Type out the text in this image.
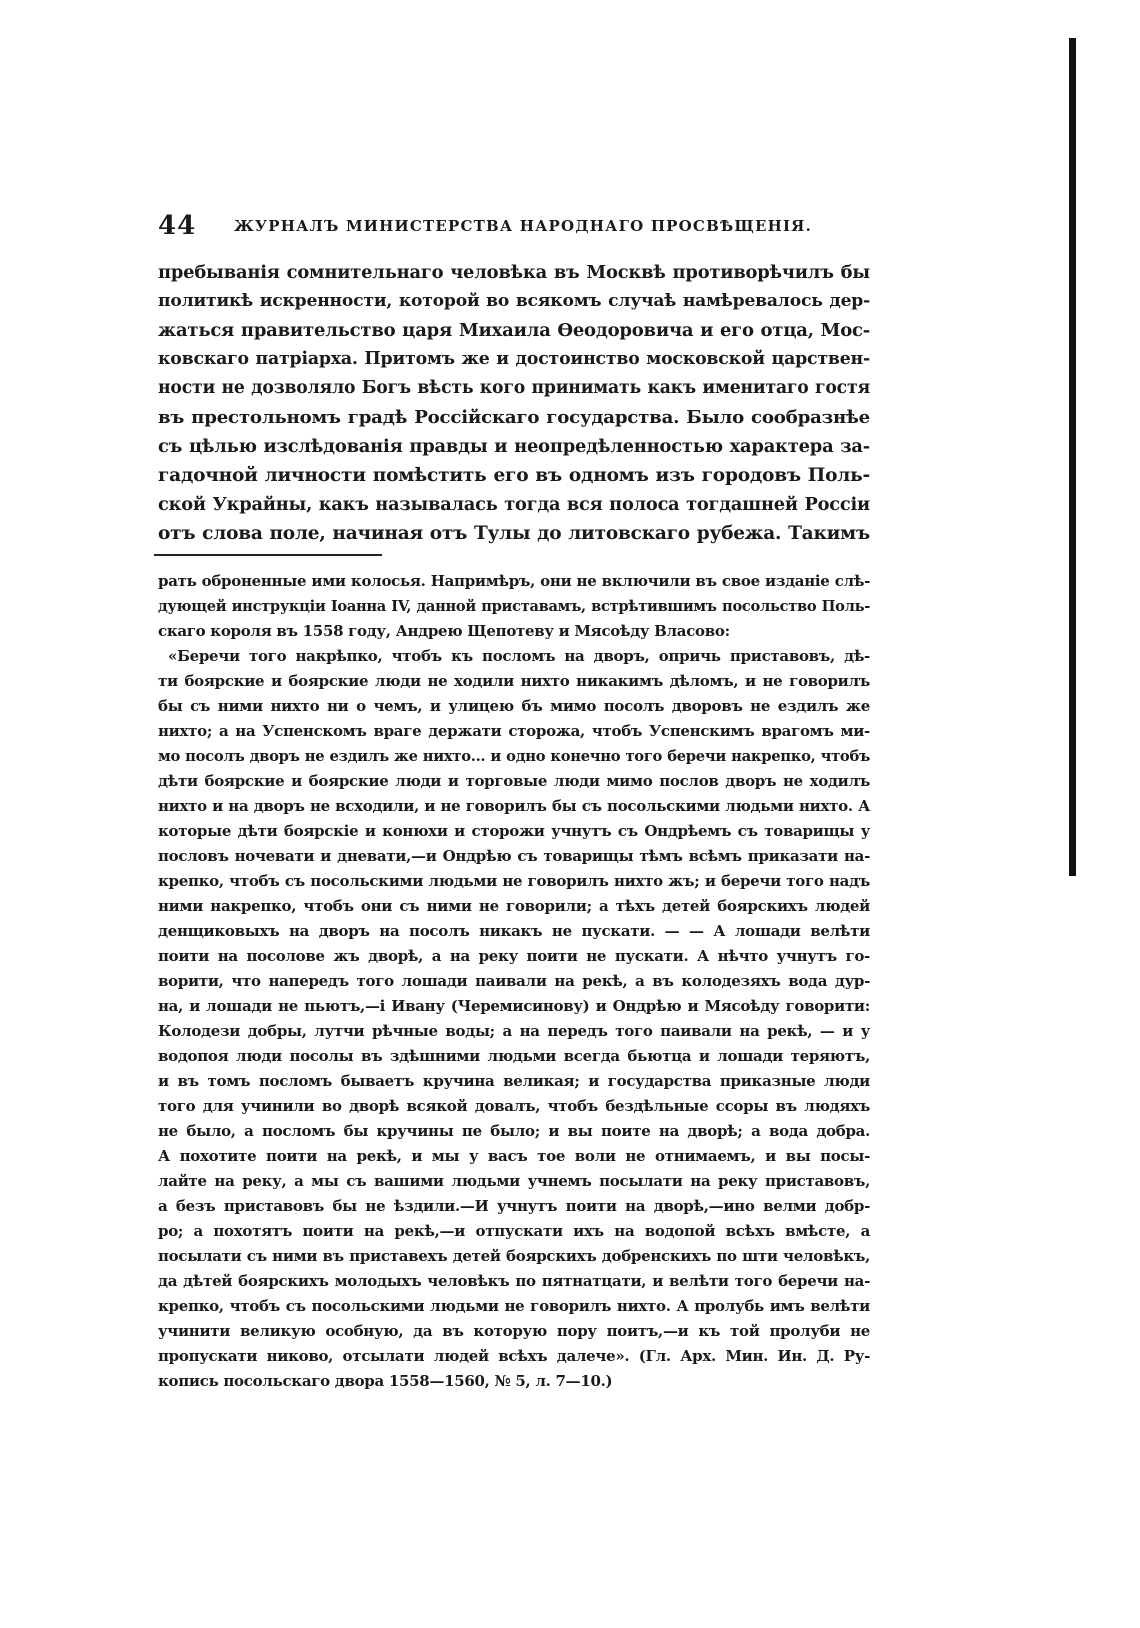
44	ЖУРНАЛЪ МИНИСТЕРСТВА НАРОДНАГО ПРОСВѢЩЕНІЯ.
пребыванія сомнительнаго человѣка въ Москвѣ противорѣчилъ бы
политикѣ искренности, которой во всякомъ случаѣ намѣревалось дер-
жаться правительство царя Михаила Ѳеодоровича и его отца, Мос-
ковскаго патріарха. Притомъ же и достоинство московской царствен-
ности не дозволяло Богъ вѣсть кого принимать какъ именитаго гостя
въ престольномъ градѣ Россійскаго государства. Было сообразнѣе
съ цѣлью изслѣдованія правды и неопредѣленностью характера за-
гадочной личности помѣстить его въ одномъ изъ городовъ Поль-
ской Украйны, какъ называлась тогда вся полоса тогдашней Россіи
отъ слова поле, начиная отъ Тулы до литовскаго рубежа. Такимъ
рать оброненные ими колосья. Напримѣръ, они не включили въ свое изданіе слѣ-
дующей инструкціи Іоанна IV, данной приставамъ, встрѣтившимъ посольство Поль-
скаго короля въ 1558 году, Андрею Щепотеву и Мясоѣду Власово:
«Беречи того накрѣпко, чтобъ къ посломъ на дворъ, опричь приставовъ, дѣ-
ти боярские и боярские люди не ходили нихто никакимъ дѣломъ, и не говорилъ
бы съ ними нихто ни о чемъ, и улицею бъ мимо посолъ дворовъ не ездилъ же
нихто; а на Успенскомъ враге держати сторожа, чтобъ Успенскимъ врагомъ ми-
мо посолъ дворъ не ездилъ же нихто... и одно конечно того беречи накрепко, чтобъ
дѣти боярские и боярские люди и торговые люди мимо послов дворъ не ходилъ
нихто и на дворъ не всходили, и не говорилъ бы съ посольскими людьми нихто. А
которые дѣти боярскіе и конюхи и сторожи учнутъ съ Ондрѣемъ съ товарищы у
пословъ ночевати и дневати,—и Ондрѣю съ товарищы тѣмъ всѣмъ приказати на-
крепко, чтобъ съ посольскими людьми не говорилъ нихто жъ; и беречи того надъ
ними накрепко, чтобъ они съ ними не говорили; а тѣхъ детей боярскихъ людей
денщиковыхъ на дворъ на посолъ никакъ не пускати. — — А лошади велѣти
поити на посолове жъ дворѣ, а на реку поити не пускати. А нѣчто учнутъ го-
ворити, что напередъ того лошади паивали на рекѣ, а въ колодезяхъ вода дур-
на, и лошади не пьютъ,—і Ивану (Черемисинову) и Ондрѣю и Мясоѣду говорити:
Колодези добры, лутчи рѣчные воды; а на передъ того паивали на рекѣ, — и у
водопоя люди посолы въ здѣшними людьми всегда бьютца и лошади теряютъ,
и въ томъ посломъ бываетъ кручина великая; и государства приказные люди
того для учинили во дворѣ всякой довалъ, чтобъ бездѣльные ссоры въ людяхъ
не было, а посломъ бы кручины пе было; и вы поите на дворѣ; а вода добра.
А похотите поити на рекѣ, и мы у васъ тое воли не отнимаемъ, и вы посы-
лайте на реку, а мы съ вашими людьми учнемъ посылати на реку приставовъ,
а безъ приставовъ бы не ѣздили.—И учнутъ поити на дворѣ,—ино велми добр-
ро; а похотятъ поити на рекѣ,—и отпускати ихъ на водопой всѣхъ вмѣсте, а
посылати съ ними въ приставехъ детей боярскихъ добренскихъ по шти человѣкъ,
да дѣтей боярскихъ молодыхъ человѣкъ по пятнатцати, и велѣти того беречи на-
крепко, чтобъ съ посольскими людьми не говорилъ нихто. А пролубь имъ велѣти
учинити великую особную, да въ которую пору поитъ,—и къ той пролуби не
пропускати никово, отсылати людей всѣхъ далече». (Гл. Арх. Мин. Ин. Д. Ру-
копись посольскаго двора 1558—1560, № 5, л. 7—10.)
